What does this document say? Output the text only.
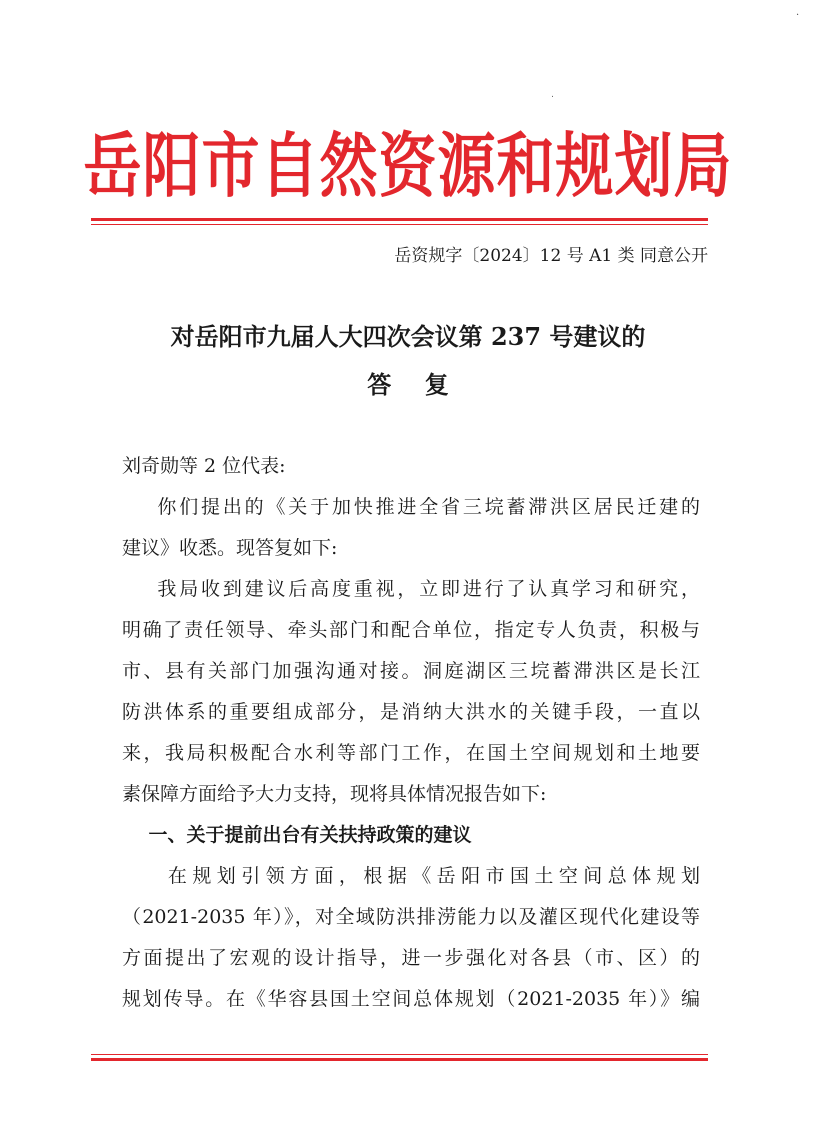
·
ᐧ
岳阳市自然资源和规划局
岳资规字〔2024〕12 号 A1 类 同意公开
对岳阳市九届人大四次会议第 237 号建议的
答    复
刘奇勋等 2 位代表:
你们提出的《关于加快推进全省三垸蓄滞洪区居民迁建的
建议》收悉。现答复如下:
我局收到建议后高度重视，立即进行了认真学习和研究，
明确了责任领导、牵头部门和配合单位，指定专人负责，积极与
市、县有关部门加强沟通对接。洞庭湖区三垸蓄滞洪区是长江
防洪体系的重要组成部分，是消纳大洪水的关键手段，一直以
来，我局积极配合水利等部门工作，在国土空间规划和土地要
素保障方面给予大力支持，现将具体情况报告如下:
一、关于提前出台有关扶持政策的建议
在规划引领方面，根据《岳阳市国土空间总体规划
（2021-2035 年）》，对全域防洪排涝能力以及灌区现代化建设等
方面提出了宏观的设计指导，进一步强化对各县（市、区）的
规划传导。在《华容县国土空间总体规划（2021-2035 年）》编
